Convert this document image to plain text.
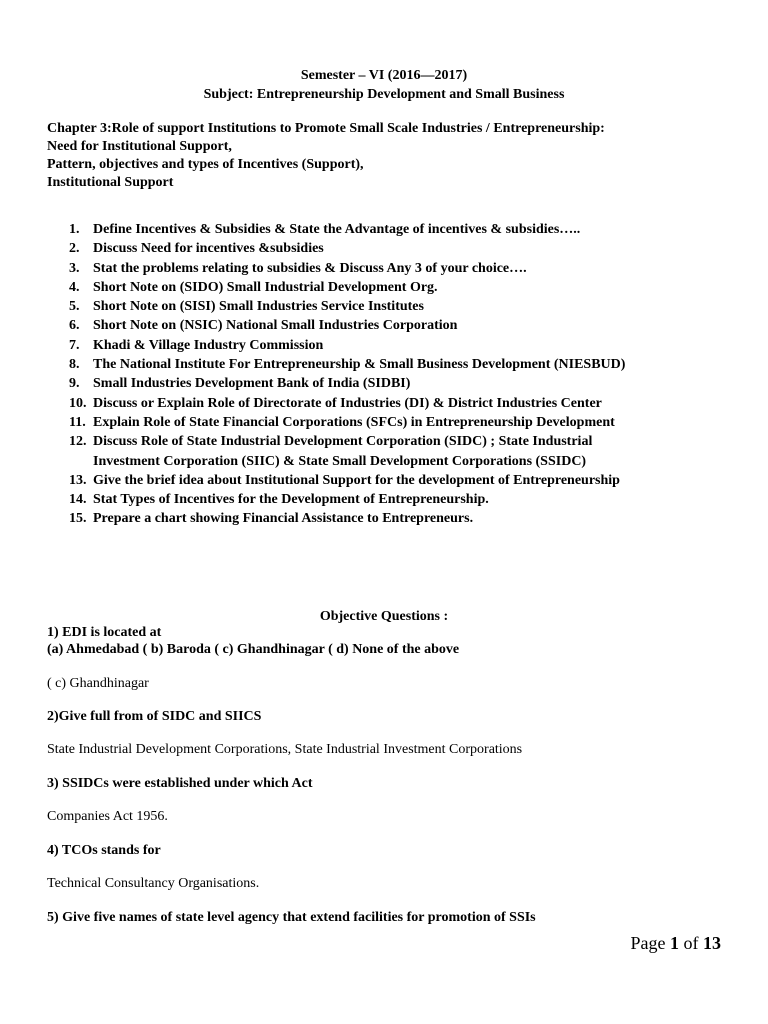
Semester – VI (2016—2017)
Subject: Entrepreneurship Development and Small Business
Chapter 3:Role of support Institutions to Promote Small Scale Industries / Entrepreneurship:
Need for Institutional Support,
Pattern, objectives and types of Incentives (Support),
Institutional Support
1. Define Incentives & Subsidies & State the Advantage of incentives & subsidies…..
2. Discuss Need for incentives &subsidies
3. Stat the problems relating to subsidies & Discuss Any 3 of your choice….
4. Short Note on (SIDO) Small Industrial Development Org.
5. Short Note on (SISI) Small Industries Service Institutes
6. Short Note on (NSIC) National Small Industries Corporation
7. Khadi & Village Industry Commission
8. The National Institute For Entrepreneurship & Small Business Development (NIESBUD)
9. Small Industries Development Bank of India (SIDBI)
10. Discuss or Explain Role of Directorate of Industries (DI) & District Industries Center
11. Explain Role of State Financial Corporations (SFCs) in Entrepreneurship Development
12. Discuss Role of State Industrial Development Corporation (SIDC) ; State Industrial
Investment Corporation (SIIC) & State Small Development Corporations (SSIDC)
13. Give the brief idea about Institutional Support for the development of Entrepreneurship
14. Stat Types of Incentives for the Development of Entrepreneurship.
15. Prepare a chart showing Financial Assistance to Entrepreneurs.
Objective Questions :
1) EDI is located at
(a) Ahmedabad ( b) Baroda ( c) Ghandhinagar ( d) None of the above
( c) Ghandhinagar
2)Give full from of SIDC and SIICS
State Industrial Development Corporations, State Industrial Investment Corporations
3) SSIDCs were established under which Act
Companies Act 1956.
4) TCOs stands for
Technical Consultancy Organisations.
5) Give five names of state level agency that extend facilities for promotion of SSIs
Page 1 of 13
